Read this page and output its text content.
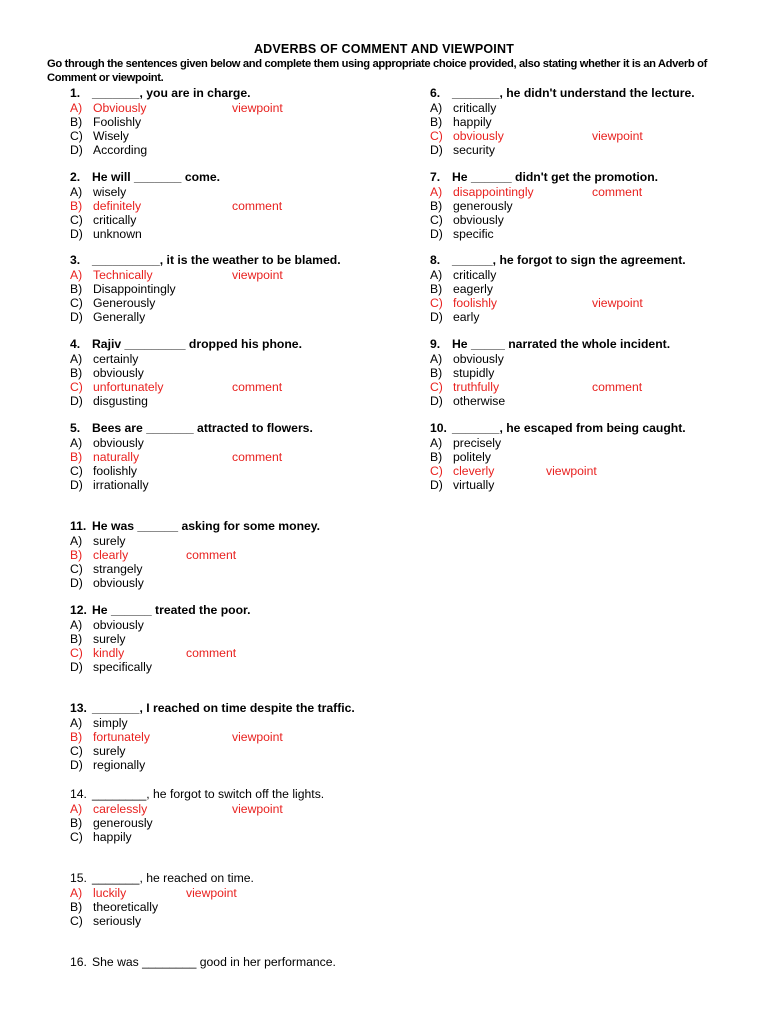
ADVERBS OF COMMENT AND VIEWPOINT
Go through the sentences given below and complete them using appropriate choice provided, also stating whether it is an Adverb of Comment or viewpoint.
1. _______, you are in charge.
A) Obviously	viewpoint
B) Foolishly
C) Wisely
D) According
2. He will _______ come.
A) wisely
B) definitely	comment
C) critically
D) unknown
3. __________, it is the weather to be blamed.
A) Technically	viewpoint
B) Disappointingly
C) Generously
D) Generally
4. Rajiv _________ dropped his phone.
A) certainly
B) obviously
C) unfortunately	comment
D) disgusting
5. Bees are _______ attracted to flowers.
A) obviously
B) naturally	comment
C) foolishly
D) irrationally
6. _______, he didn't understand the lecture.
A) critically
B) happily
C) obviously	viewpoint
D) security
7. He ______ didn't get the promotion.
A) disappointingly	comment
B) generously
C) obviously
D) specific
8. ______, he forgot to sign the agreement.
A) critically
B) eagerly
C) foolishly	viewpoint
D) early
9. He _____ narrated the whole incident.
A) obviously
B) stupidly
C) truthfully	comment
D) otherwise
10. _______, he escaped from being caught.
A) precisely
B) politely
C) cleverly	viewpoint
D) virtually
11. He was ______ asking for some money.
A) surely
B) clearly	comment
C) strangely
D) obviously
12. He ______ treated the poor.
A) obviously
B) surely
C) kindly	comment
D) specifically
13. _______, I reached on time despite the traffic.
A) simply
B) fortunately	viewpoint
C) surely
D) regionally
14. ________, he forgot to switch off the lights.
A) carelessly	viewpoint
B) generously
C) happily
15. _______, he reached on time.
A) luckily	viewpoint
B) theoretically
C) seriously
16. She was ________ good in her performance.
